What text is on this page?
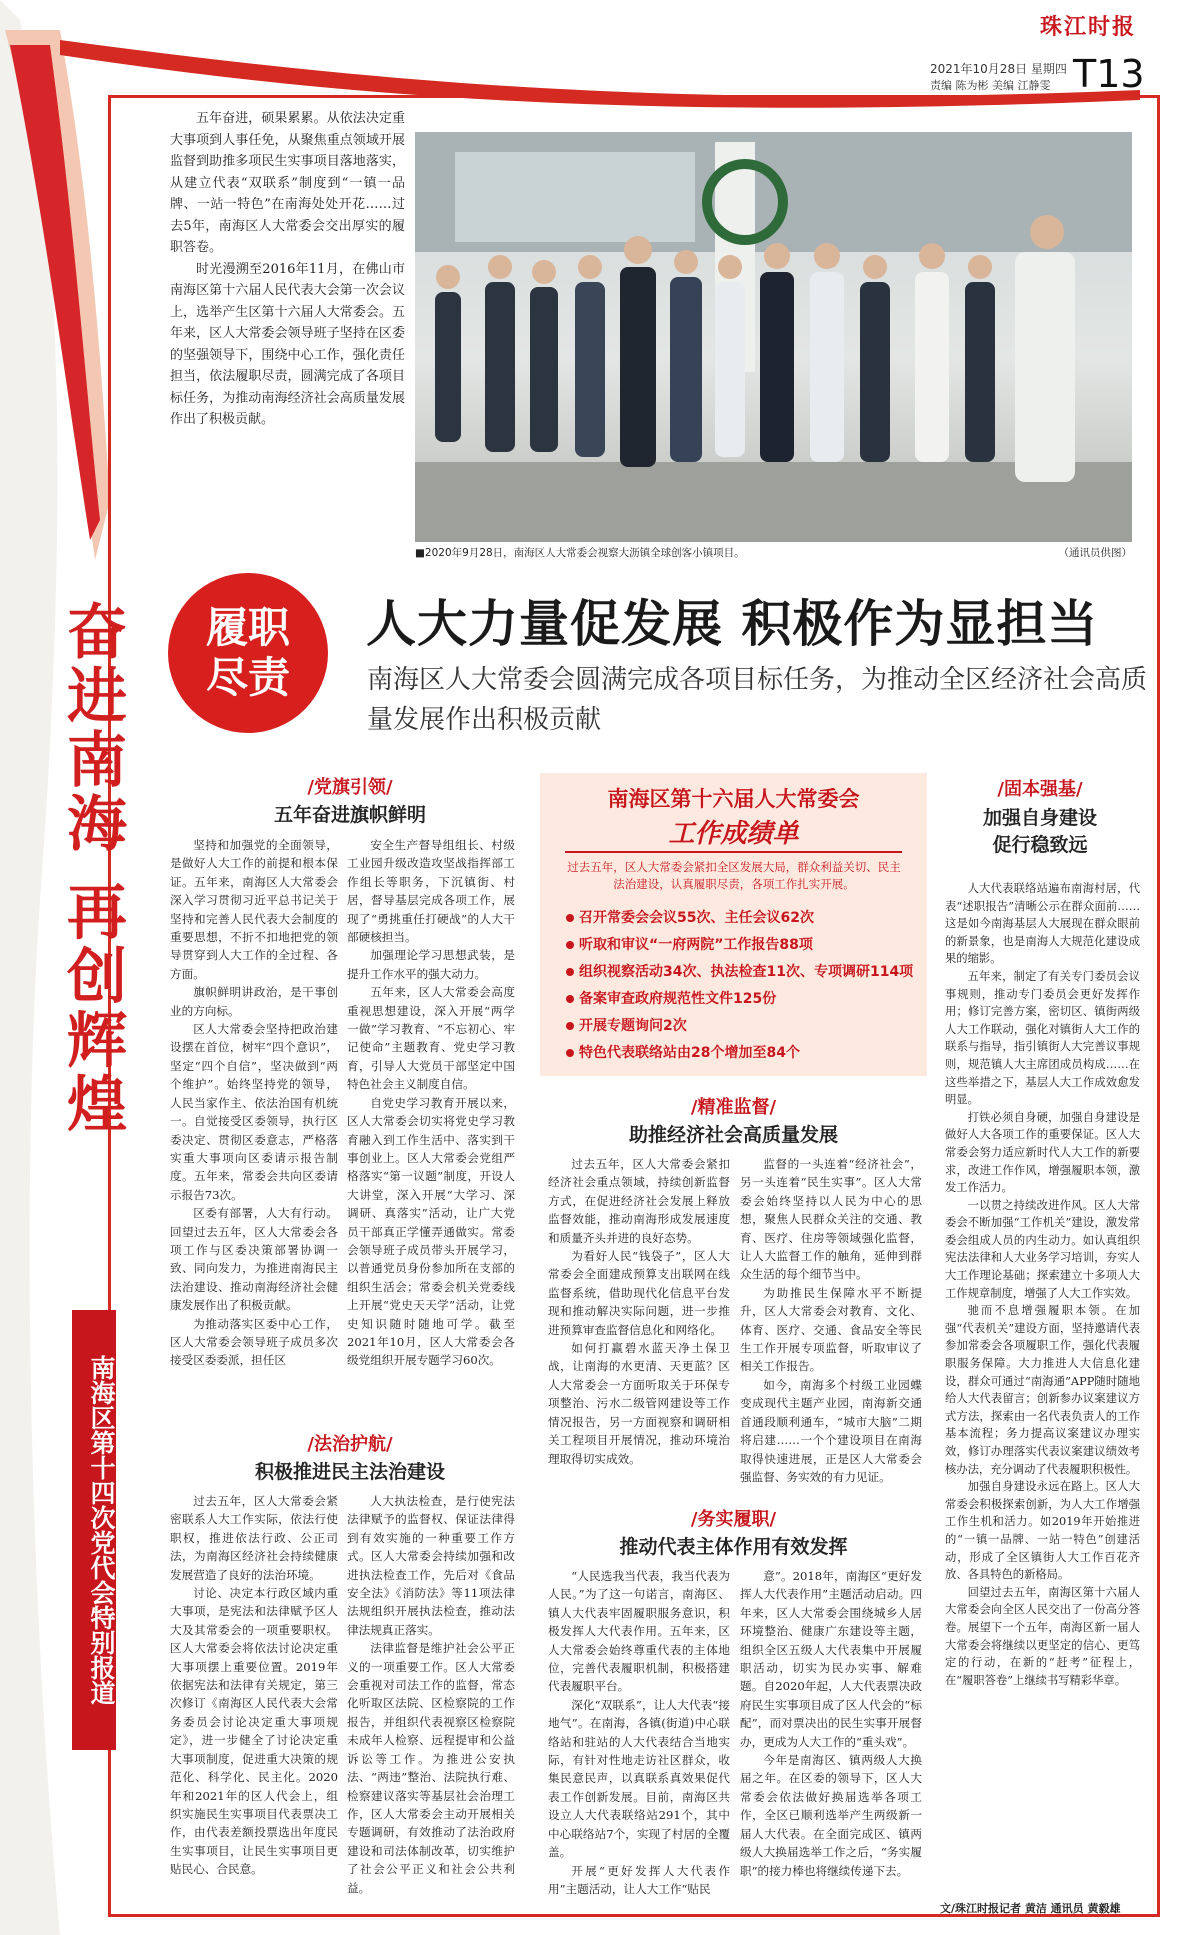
珠江时报
2021年10月28日 星期四
责编 陈为彬 美编 江静雯 T13
奋进南海 再创辉煌
南海区第十四次党代会特别报道

五年奋进，硕果累累。从依法决定重大事项到人事任免，从聚焦重点领域开展监督到助推多项民生实事项目落地落实，从建立代表“双联系”制度到“一镇一品牌、一站一特色”在南海处处开花……过去5年，南海区人大常委会交出厚实的履职答卷。

时光漫溯至2016年11月，在佛山市南海区第十六届人民代表大会第一次会议上，选举产生区第十六届人大常委会。五年来，区人大常委会领导班子坚持在区委的坚强领导下，围绕中心工作，强化责任担当，依法履职尽责，圆满完成了各项目标任务，为推动南海经济社会高质量发展作出了积极贡献。

■2020年9月28日，南海区人大常委会视察大沥镇全球创客小镇项目。	（通讯员供图）
履职
尽责
人大力量促发展 积极作为显担当
南海区人大常委会圆满完成各项目标任务，为推动全区经济社会高质量发展作出积极贡献
/党旗引领/
五年奋进旗帜鲜明

坚持和加强党的全面领导，是做好人大工作的前提和根本保证。五年来，南海区人大常委会深入学习贯彻习近平总书记关于坚持和完善人民代表大会制度的重要思想，不折不扣地把党的领导贯穿到人大工作的全过程、各方面。

旗帜鲜明讲政治，是干事创业的方向标。

区人大常委会坚持把政治建设摆在首位，树牢“四个意识”，坚定“四个自信”，坚决做到“两个维护”。始终坚持党的领导，人民当家作主、依法治国有机统一。自觉接受区委领导，执行区委决定、贯彻区委意志，严格落实重大事项向区委请示报告制度。五年来，常委会共向区委请示报告73次。

区委有部署，人大有行动。回望过去五年，区人大常委会各项工作与区委决策部署协调一致、同向发力，为推进南海民主法治建设、推动南海经济社会健康发展作出了积极贡献。

为推动落实区委中心工作，区人大常委会领导班子成员多次接受区委委派，担任区

安全生产督导组组长、村级工业园升级改造攻坚战指挥部工作组长等职务，下沉镇街、村居，督导基层完成各项工作，展现了“勇挑重任打硬战”的人大干部硬核担当。

加强理论学习思想武装，是提升工作水平的强大动力。

五年来，区人大常委会高度重视思想建设，深入开展“两学一做”学习教育、“不忘初心、牢记使命”主题教育、党史学习教育，引导人大党员干部坚定中国特色社会主义制度自信。

自党史学习教育开展以来，区人大常委会切实将党史学习教育融入到工作生活中、落实到干事创业上。区人大常委会党组严格落实“第一议题”制度，开设人大讲堂，深入开展“大学习、深调研、真落实”活动，让广大党员干部真正学懂弄通做实。常委会领导班子成员带头开展学习，以普通党员身份参加所在支部的组织生活会；常委会机关党委线上开展“党史天天学”活动，让党史知识随时随地可学。截至2021年10月，区人大常委会各级党组织开展专题学习60次。

南海区第十六届人大常委会
工作成绩单
过去五年，区人大常委会紧扣全区发展大局，群众利益关切、民主法治建设，认真履职尽责，各项工作扎实开展。
召开常委会会议55次、主任会议62次
听取和审议“一府两院”工作报告88项
组织视察活动34次、执法检查11次、专项调研114项
备案审查政府规范性文件125份
开展专题询问2次
特色代表联络站由28个增加至84个
/精准监督/
助推经济社会高质量发展

过去五年，区人大常委会紧扣经济社会重点领域，持续创新监督方式，在促进经济社会发展上释放监督效能，推动南海形成发展速度和质量齐头并进的良好态势。

为看好人民“钱袋子”，区人大常委会全面建成预算支出联网在线监督系统，借助现代化信息平台发现和推动解决实际问题，进一步推进预算审查监督信息化和网络化。

如何打赢碧水蓝天净土保卫战，让南海的水更清、天更蓝？区人大常委会一方面听取关于环保专项整治、污水二级管网建设等工作情况报告，另一方面视察和调研相关工程项目开展情况，推动环境治理取得切实成效。

监督的一头连着“经济社会”，另一头连着“民生实事”。区人大常委会始终坚持以人民为中心的思想，聚焦人民群众关注的交通、教育、医疗、住房等领域强化监督，让人大监督工作的触角，延伸到群众生活的每个细节当中。

为助推民生保障水平不断提升，区人大常委会对教育、文化、体育、医疗、交通、食品安全等民生工作开展专项监督，听取审议了相关工作报告。

如今，南海多个村级工业园蝶变成现代主题产业园，南海新交通首通段顺利通车，“城市大脑”二期将启建……一个个建设项目在南海取得快速进展，正是区人大常委会强监督、务实效的有力见证。

/法治护航/
积极推进民主法治建设

过去五年，区人大常委会紧密联系人大工作实际，依法行使职权，推进依法行政、公正司法，为南海区经济社会持续健康发展营造了良好的法治环境。

讨论、决定本行政区域内重大事项，是宪法和法律赋予区人大及其常委会的一项重要职权。区人大常委会将依法讨论决定重大事项摆上重要位置。2019年依据宪法和法律有关规定，第三次修订《南海区人民代表大会常务委员会讨论决定重大事项规定》，进一步健全了讨论决定重大事项制度，促进重大决策的规范化、科学化、民主化。2020年和2021年的区人代会上，组织实施民生实事项目代表票决工作，由代表差额投票选出年度民生实事项目，让民生实事项目更贴民心、合民意。

人大执法检查，是行使宪法法律赋予的监督权、保证法律得到有效实施的一种重要工作方式。区人大常委会持续加强和改进执法检查工作，先后对《食品安全法》《消防法》等11项法律法规组织开展执法检查，推动法律法规真正落实。

法律监督是维护社会公平正义的一项重要工作。区人大常委会重视对司法工作的监督，常态化听取区法院、区检察院的工作报告，并组织代表视察区检察院未成年人检察、远程提审和公益诉讼等工作。为推进公安执法、“两违”整治、法院执行难、检察建议落实等基层社会治理工作，区人大常委会主动开展相关专题调研，有效推动了法治政府建设和司法体制改革，切实维护了社会公平正义和社会公共利益。

/务实履职/
推动代表主体作用有效发挥

“人民选我当代表，我当代表为人民。”为了这一句诺言，南海区、镇人大代表牢固履职服务意识，积极发挥人大代表作用。五年来，区人大常委会始终尊重代表的主体地位，完善代表履职机制，积极搭建代表履职平台。

深化“双联系”，让人大代表“接地气”。在南海，各镇(街道)中心联络站和驻站的人大代表结合当地实际，有针对性地走访社区群众，收集民意民声，以真联系真效果促代表工作创新发展。目前，南海区共设立人大代表联络站291个，其中中心联络站7个，实现了村居的全覆盖。

开展“更好发挥人大代表作用”主题活动，让人大工作“贴民

意”。2018年，南海区“更好发挥人大代表作用”主题活动启动。四年来，区人大常委会围绕城乡人居环境整治、健康广东建设等主题，组织全区五级人大代表集中开展履职活动，切实为民办实事、解难题。自2020年起，人大代表票决政府民生实事项目成了区人代会的“标配”，而对票决出的民生实事开展督办，更成为人大工作的“重头戏”。

今年是南海区、镇两级人大换届之年。在区委的领导下，区人大常委会依法做好换届选举各项工作，全区已顺利选举产生两级新一届人大代表。在全面完成区、镇两级人大换届选举工作之后，“务实履职”的接力棒也将继续传递下去。

/固本强基/
加强自身建设
促行稳致远

人大代表联络站遍布南海村居，代表“述职报告”清晰公示在群众面前……这是如今南海基层人大展现在群众眼前的新景象，也是南海人大规范化建设成果的缩影。

五年来，制定了有关专门委员会议事规则，推动专门委员会更好发挥作用；修订完善方案，密切区、镇街两级人大工作联动，强化对镇街人大工作的联系与指导，指引镇街人大完善议事规则，规范镇人大主席团成员构成……在这些举措之下，基层人大工作成效愈发明显。

打铁必须自身硬，加强自身建设是做好人大各项工作的重要保证。区人大常委会努力适应新时代人大工作的新要求，改进工作作风，增强履职本领，激发工作活力。

一以贯之持续改进作风。区人大常委会不断加强“工作机关”建设，激发常委会组成人员的内生动力。如认真组织宪法法律和人大业务学习培训，夯实人大工作理论基础；探索建立十多项人大工作规章制度，增强了人大工作实效。

驰而不息增强履职本领。在加强“代表机关”建设方面，坚持邀请代表参加常委会各项履职工作，强化代表履职服务保障。大力推进人大信息化建设，群众可通过“南海通”APP随时随地给人大代表留言；创新参办议案建议方式方法，探索由一名代表负责人的工作基本流程；务力提高议案建议办理实效，修订办理落实代表议案建议绩效考核办法，充分调动了代表履职积极性。

加强自身建设永远在路上。区人大常委会积极探索创新，为人大工作增强工作生机和活力。如2019年开始推进的“一镇一品牌、一站一特色”创建活动，形成了全区镇街人大工作百花齐放、各具特色的新格局。

回望过去五年，南海区第十六届人大常委会向全区人民交出了一份高分答卷。展望下一个五年，南海区新一届人大常委会将继续以更坚定的信心、更笃定的行动，在新的“赶考”征程上，在“履职答卷”上继续书写精彩华章。

文/珠江时报记者 黄洁 通讯员 黄毅雄
